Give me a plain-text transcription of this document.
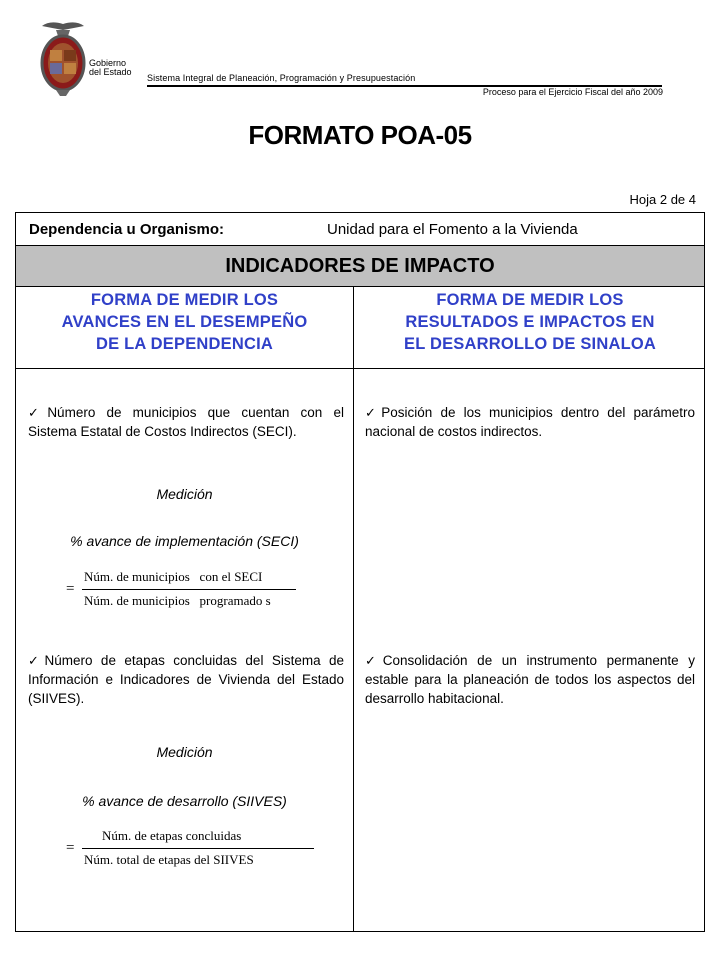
Gobierno
del Estado
Sistema Integral de Planeación, Programación y Presupuestación
Proceso para el Ejercicio Fiscal del año 2009
FORMATO POA-05
Hoja 2 de 4
Dependencia u Organismo:	Unidad para el Fomento a la Vivienda
INDICADORES DE IMPACTO
FORMA DE MEDIR LOS
AVANCES EN EL DESEMPEÑO
DE LA DEPENDENCIA
FORMA DE MEDIR LOS
RESULTADOS E IMPACTOS EN
EL DESARROLLO DE SINALOA
✓Número de municipios que cuentan con el Sistema Estatal de Costos Indirectos (SECI).
Medición
% avance de implementación (SECI)
=
Núm. de municipios   con el SECI
Núm. de municipios   programado s
✓Número de etapas concluidas del Sistema de Información e Indicadores de Vivienda del Estado (SIIVES).
Medición
% avance de desarrollo (SIIVES)
=
Núm. de etapas concluidas
Núm. total de etapas del SIIVES
✓Posición de los municipios dentro del parámetro nacional de costos indirectos.
✓Consolidación de un instrumento permanente y estable para la planeación de todos los aspectos del desarrollo habitacional.
